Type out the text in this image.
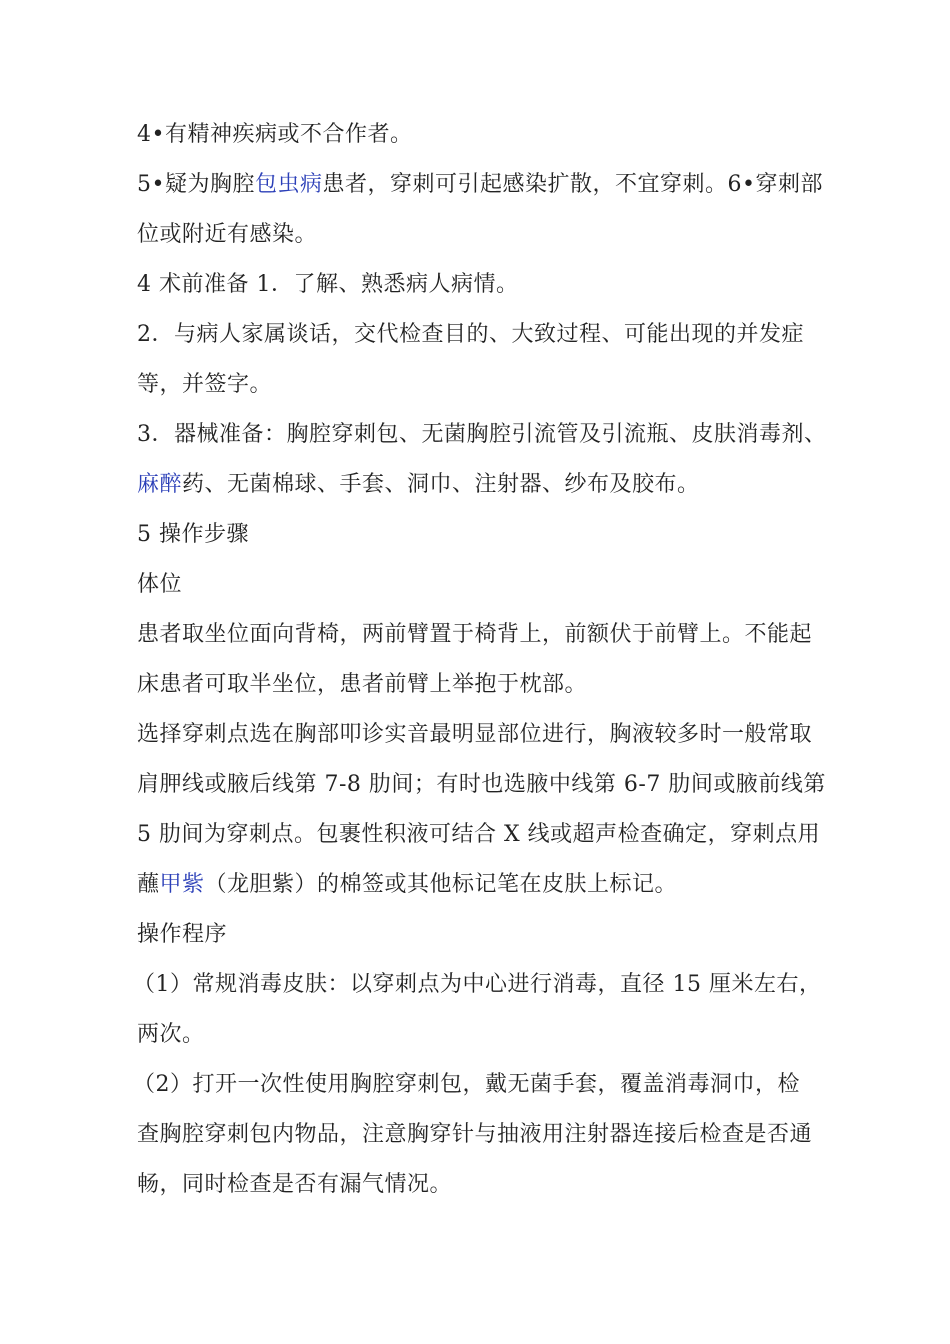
4•有精神疾病或不合作者。
5•疑为胸腔包虫病患者，穿刺可引起感染扩散，不宜穿刺。6•穿刺部
位或附近有感染。
4 术前准备 1．了解、熟悉病人病情。
2．与病人家属谈话，交代检查目的、大致过程、可能出现的并发症
等，并签字。
3．器械准备：胸腔穿刺包、无菌胸腔引流管及引流瓶、皮肤消毒剂、
麻醉药、无菌棉球、手套、洞巾、注射器、纱布及胶布。
5 操作步骤
体位
患者取坐位面向背椅，两前臂置于椅背上，前额伏于前臂上。不能起
床患者可取半坐位，患者前臂上举抱于枕部。
选择穿刺点选在胸部叩诊实音最明显部位进行，胸液较多时一般常取
肩胛线或腋后线第 7-8 肋间；有时也选腋中线第 6-7 肋间或腋前线第
5 肋间为穿刺点。包裹性积液可结合 X 线或超声检查确定，穿刺点用
蘸甲紫（龙胆紫）的棉签或其他标记笔在皮肤上标记。
操作程序
（1）常规消毒皮肤：以穿刺点为中心进行消毒，直径 15 厘米左右，
两次。
（2）打开一次性使用胸腔穿刺包，戴无菌手套，覆盖消毒洞巾，检
查胸腔穿刺包内物品，注意胸穿针与抽液用注射器连接后检查是否通
畅，同时检查是否有漏气情况。
